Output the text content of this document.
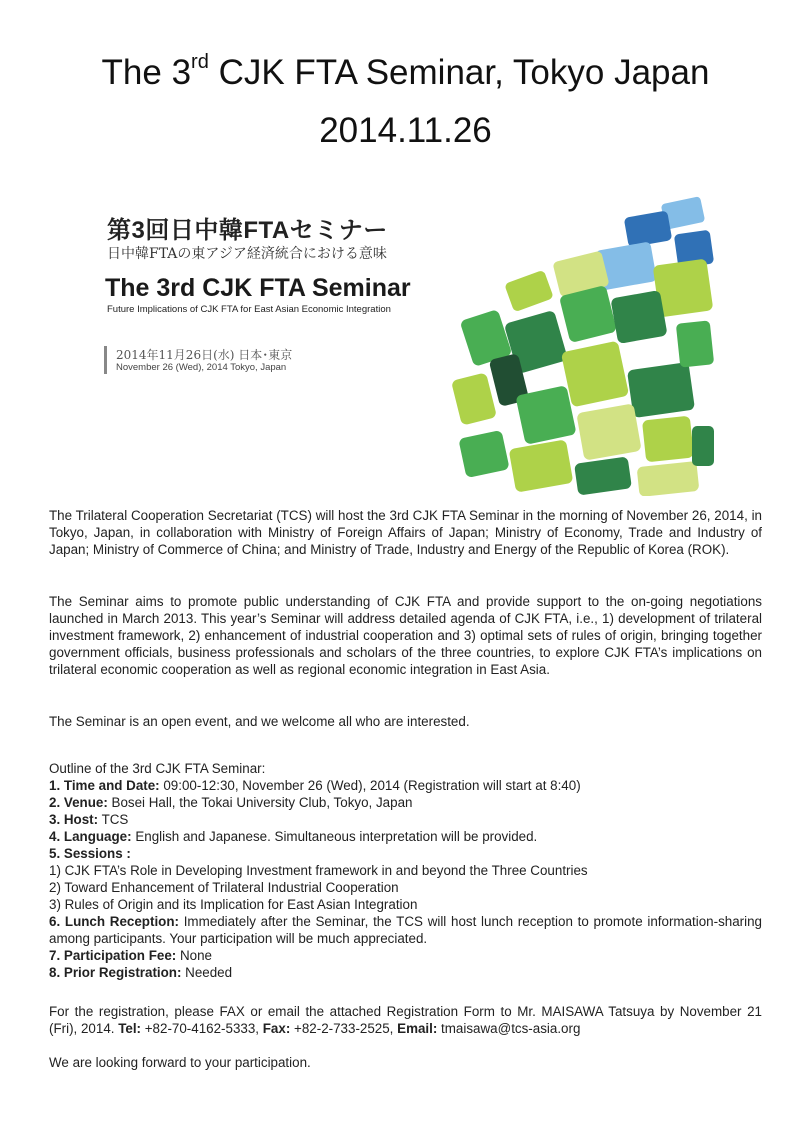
The 3rd CJK FTA Seminar, Tokyo Japan
2014.11.26
第3回日中韓FTAセミナー
日中韓FTAの東アジア経済統合における意味
The 3rd CJK FTA Seminar
Future Implications of CJK FTA for East Asian Economic Integration
2014年11月26日(水) 日本･東京
November 26 (Wed), 2014 Tokyo, Japan
The Trilateral Cooperation Secretariat (TCS) will host the 3rd CJK FTA Seminar in the morning of November 26, 2014, in Tokyo, Japan, in collaboration with Ministry of Foreign Affairs of Japan; Ministry of Economy, Trade and Industry of Japan; Ministry of Commerce of China; and Ministry of Trade, Industry and Energy of the Republic of Korea (ROK).
The Seminar aims to promote public understanding of CJK FTA and provide support to the on-going negotiations launched in March 2013. This year’s Seminar will address detailed agenda of CJK FTA, i.e., 1) development of trilateral investment framework, 2) enhancement of industrial cooperation and 3) optimal sets of rules of origin, bringing together government officials, business professionals and scholars of the three countries, to explore CJK FTA’s implications on trilateral economic cooperation as well as regional economic integration in East Asia.
The Seminar is an open event, and we welcome all who are interested.
Outline of the 3rd CJK FTA Seminar:
1. Time and Date: 09:00-12:30, November 26 (Wed), 2014 (Registration will start at 8:40)
2. Venue: Bosei Hall, the Tokai University Club, Tokyo, Japan
3. Host: TCS
4. Language: English and Japanese. Simultaneous interpretation will be provided.
5. Sessions :
1) CJK FTA’s Role in Developing Investment framework in and beyond the Three Countries
2) Toward Enhancement of Trilateral Industrial Cooperation
3) Rules of Origin and its Implication for East Asian Integration
6. Lunch Reception: Immediately after the Seminar, the TCS will host lunch reception to promote information-sharing among participants. Your participation will be much appreciated.
7. Participation Fee: None
8. Prior Registration: Needed
For the registration, please FAX or email the attached Registration Form to Mr. MAISAWA Tatsuya by November 21 (Fri), 2014. Tel: +82-70-4162-5333, Fax: +82-2-733-2525, Email: tmaisawa@tcs-asia.org
We are looking forward to your participation.
